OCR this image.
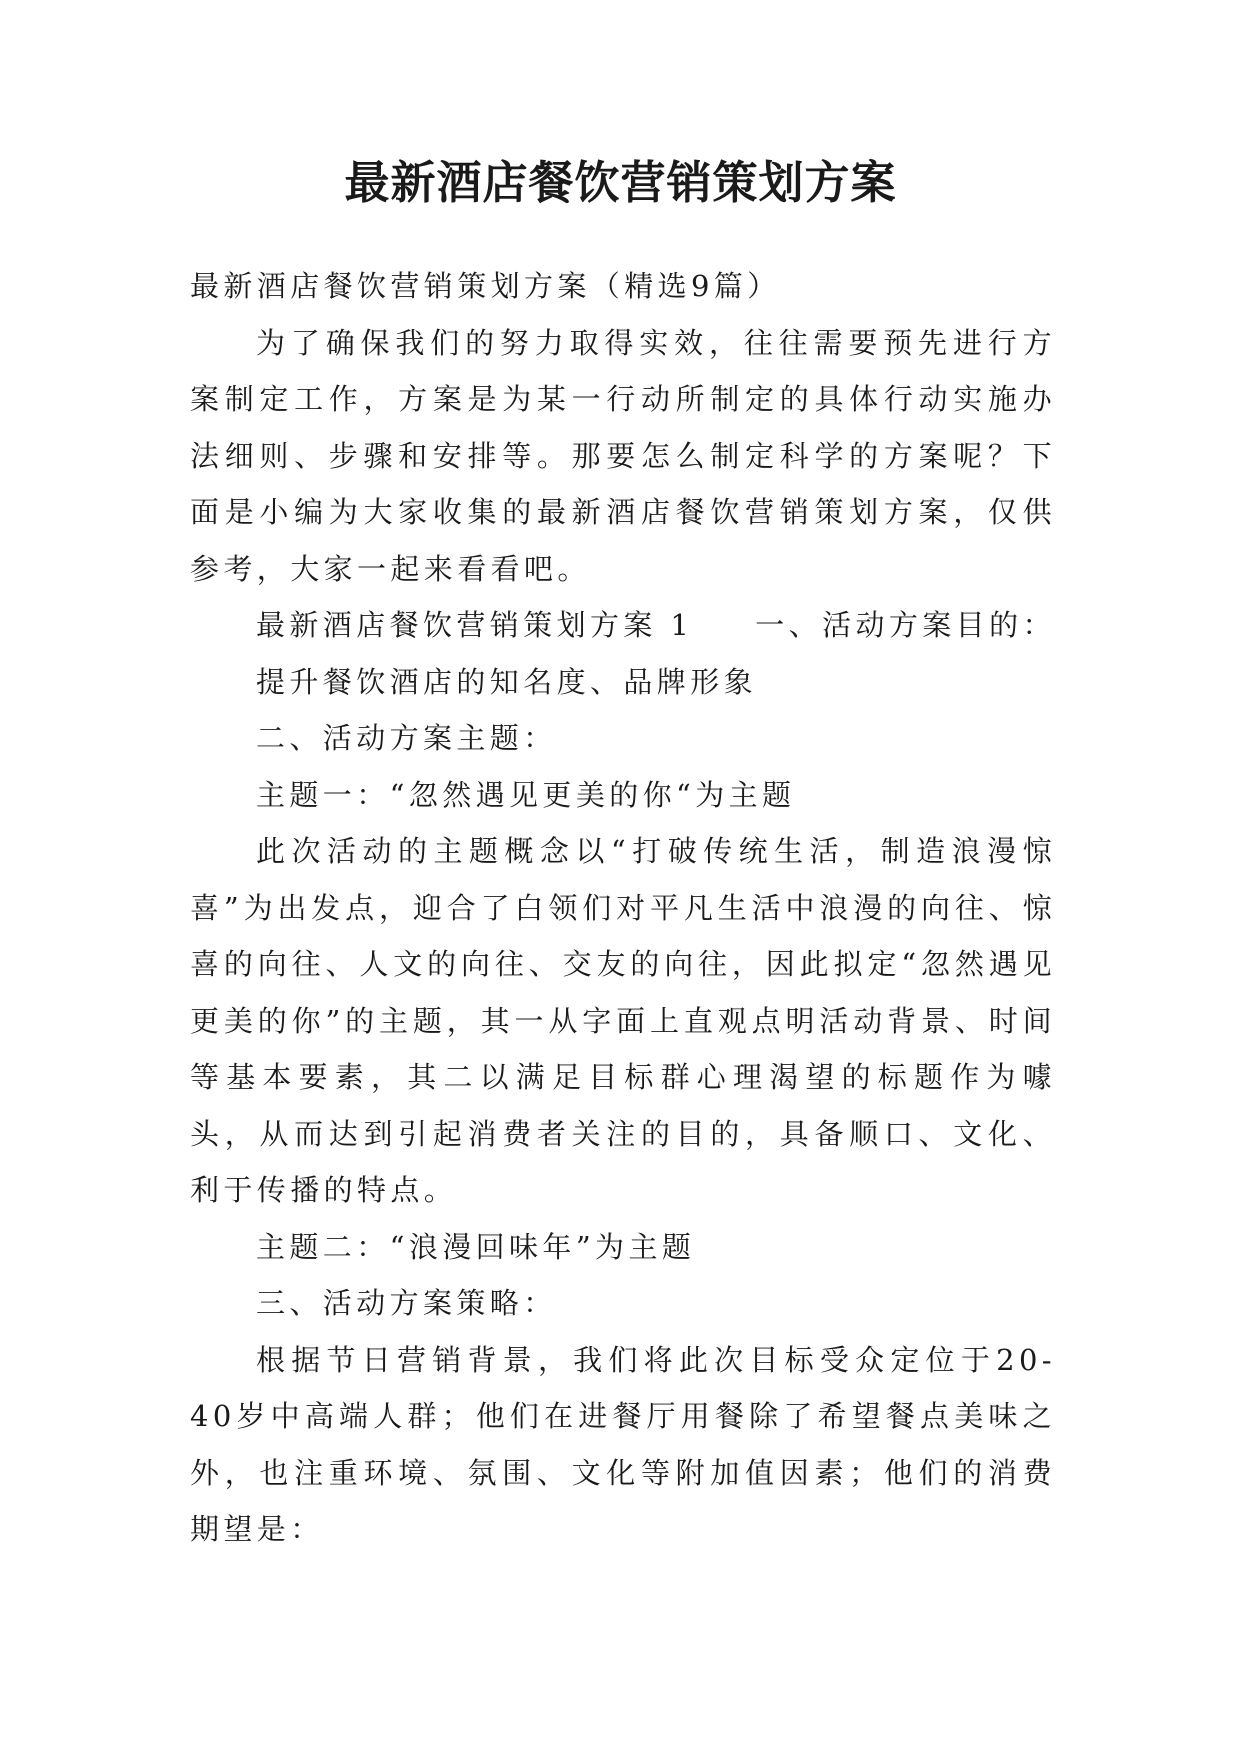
最新酒店餐饮营销策划方案

最新酒店餐饮营销策划方案（精选9篇）

为了确保我们的努力取得实效，往往需要预先进行方案制定工作，方案是为某一行动所制定的具体行动实施办法细则、步骤和安排等。那要怎么制定科学的方案呢？下面是小编为大家收集的最新酒店餐饮营销策划方案，仅供参考，大家一起来看看吧。

最新酒店餐饮营销策划方案 1 一、活动方案目的：

提升餐饮酒店的知名度、品牌形象

二、活动方案主题：

主题一：“忽然遇见更美的你“为主题

此次活动的主题概念以“打破传统生活，制造浪漫惊喜”为出发点，迎合了白领们对平凡生活中浪漫的向往、惊喜的向往、人文的向往、交友的向往，因此拟定“忽然遇见更美的你”的主题，其一从字面上直观点明活动背景、时间等基本要素，其二以满足目标群心理渴望的标题作为噱头，从而达到引起消费者关注的目的，具备顺口、文化、利于传播的特点。

主题二：“浪漫回味年”为主题

三、活动方案策略：

根据节日营销背景，我们将此次目标受众定位于20-40岁中高端人群；他们在进餐厅用餐除了希望餐点美味之外，也注重环境、氛围、文化等附加值因素；他们的消费期望是：
